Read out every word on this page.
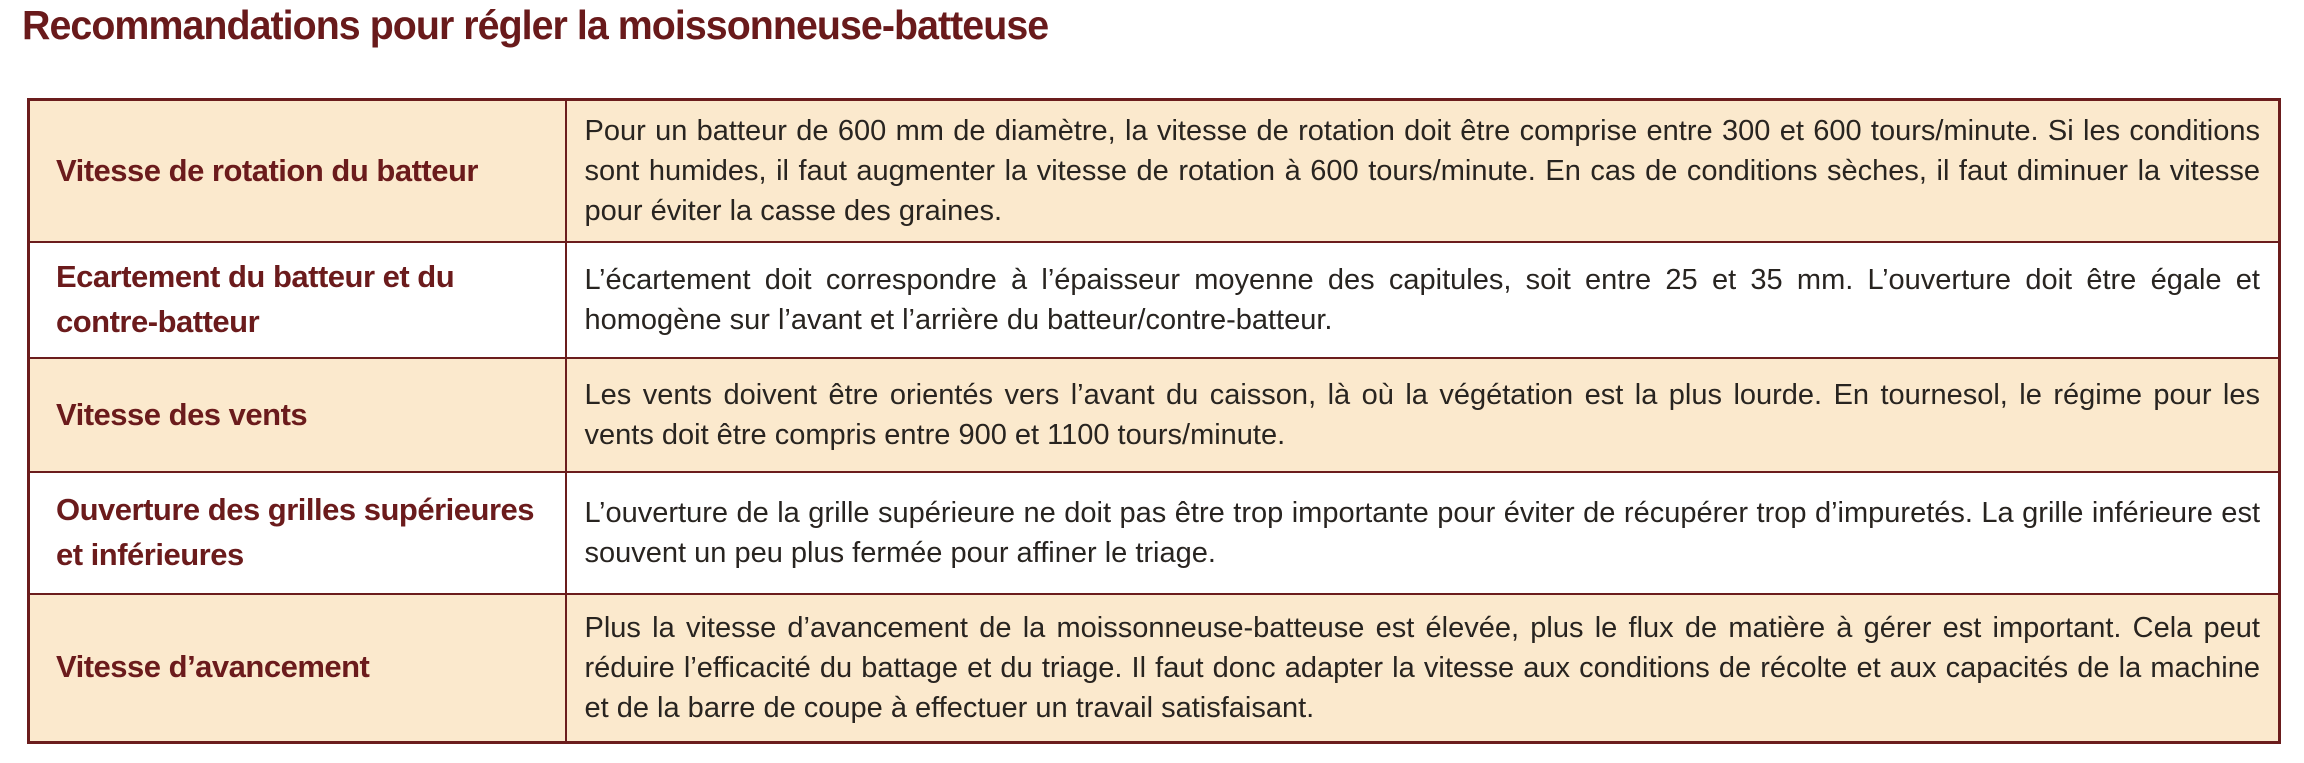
Recommandations pour régler la moissonneuse-batteuse
Vitesse de rotation du batteur	Pour un batteur de 600 mm de diamètre, la vitesse de rotation doit être comprise entre 300 et 600 tours/minute. Si les conditions sont humides, il faut augmenter la vitesse de rotation à 600 tours/minute. En cas de conditions sèches, il faut diminuer la vitesse pour éviter la casse des graines.
Ecartement du batteur et du contre-batteur	L’écartement doit correspondre à l’épaisseur moyenne des capitules, soit entre 25 et 35 mm. L’ouverture doit être égale et homogène sur l’avant et l’arrière du batteur/contre-batteur.
Vitesse des vents	Les vents doivent être orientés vers l’avant du caisson, là où la végétation est la plus lourde. En tournesol, le régime pour les vents doit être compris entre 900 et 1100 tours/minute.
Ouverture des grilles supérieures et inférieures	L’ouverture de la grille supérieure ne doit pas être trop importante pour éviter de récupérer trop d’impuretés. La grille inférieure est souvent un peu plus fermée pour affiner le triage.
Vitesse d’avancement	Plus la vitesse d’avancement de la moissonneuse-batteuse est élevée, plus le flux de matière à gérer est important. Cela peut réduire l’efficacité du battage et du triage. Il faut donc adapter la vitesse aux conditions de récolte et aux capacités de la machine et de la barre de coupe à effectuer un travail satisfaisant.
